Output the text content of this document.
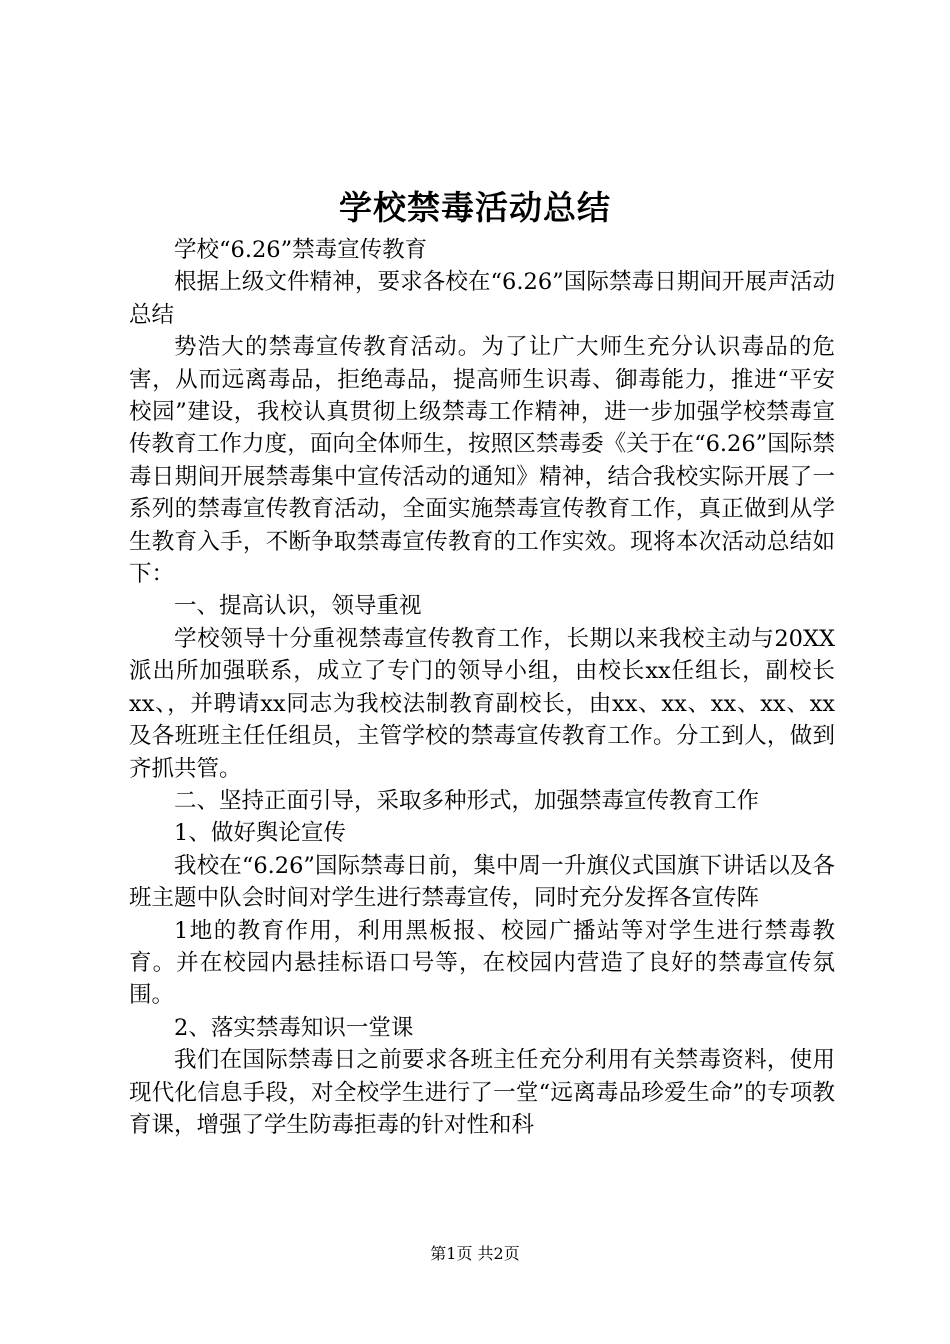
学校禁毒活动总结

学校“6.26”禁毒宣传教育

根据上级文件精神，要求各校在“6.26”国际禁毒日期间开展声活动总结

势浩大的禁毒宣传教育活动。为了让广大师生充分认识毒品的危害，从而远离毒品，拒绝毒品，提高师生识毒、御毒能力，推进“平安校园”建设，我校认真贯彻上级禁毒工作精神，进一步加强学校禁毒宣传教育工作力度，面向全体师生，按照区禁毒委《关于在“6.26”国际禁毒日期间开展禁毒集中宣传活动的通知》精神，结合我校实际开展了一系列的禁毒宣传教育活动，全面实施禁毒宣传教育工作，真正做到从学生教育入手，不断争取禁毒宣传教育的工作实效。现将本次活动总结如下：

一、提高认识，领导重视

学校领导十分重视禁毒宣传教育工作，长期以来我校主动与20XX派出所加强联系，成立了专门的领导小组，由校长xx任组长，副校长xx、，并聘请xx同志为我校法制教育副校长，由xx、xx、xx、xx、xx及各班班主任任组员，主管学校的禁毒宣传教育工作。分工到人，做到齐抓共管。

二、坚持正面引导，采取多种形式，加强禁毒宣传教育工作

1、做好舆论宣传

我校在“6.26”国际禁毒日前，集中周一升旗仪式国旗下讲话以及各班主题中队会时间对学生进行禁毒宣传，同时充分发挥各宣传阵

1地的教育作用，利用黑板报、校园广播站等对学生进行禁毒教育。并在校园内悬挂标语口号等，在校园内营造了良好的禁毒宣传氛围。

2、落实禁毒知识一堂课

我们在国际禁毒日之前要求各班主任充分利用有关禁毒资料，使用现代化信息手段，对全校学生进行了一堂“远离毒品珍爱生命”的专项教育课，增强了学生防毒拒毒的针对性和科

第1页 共2页
